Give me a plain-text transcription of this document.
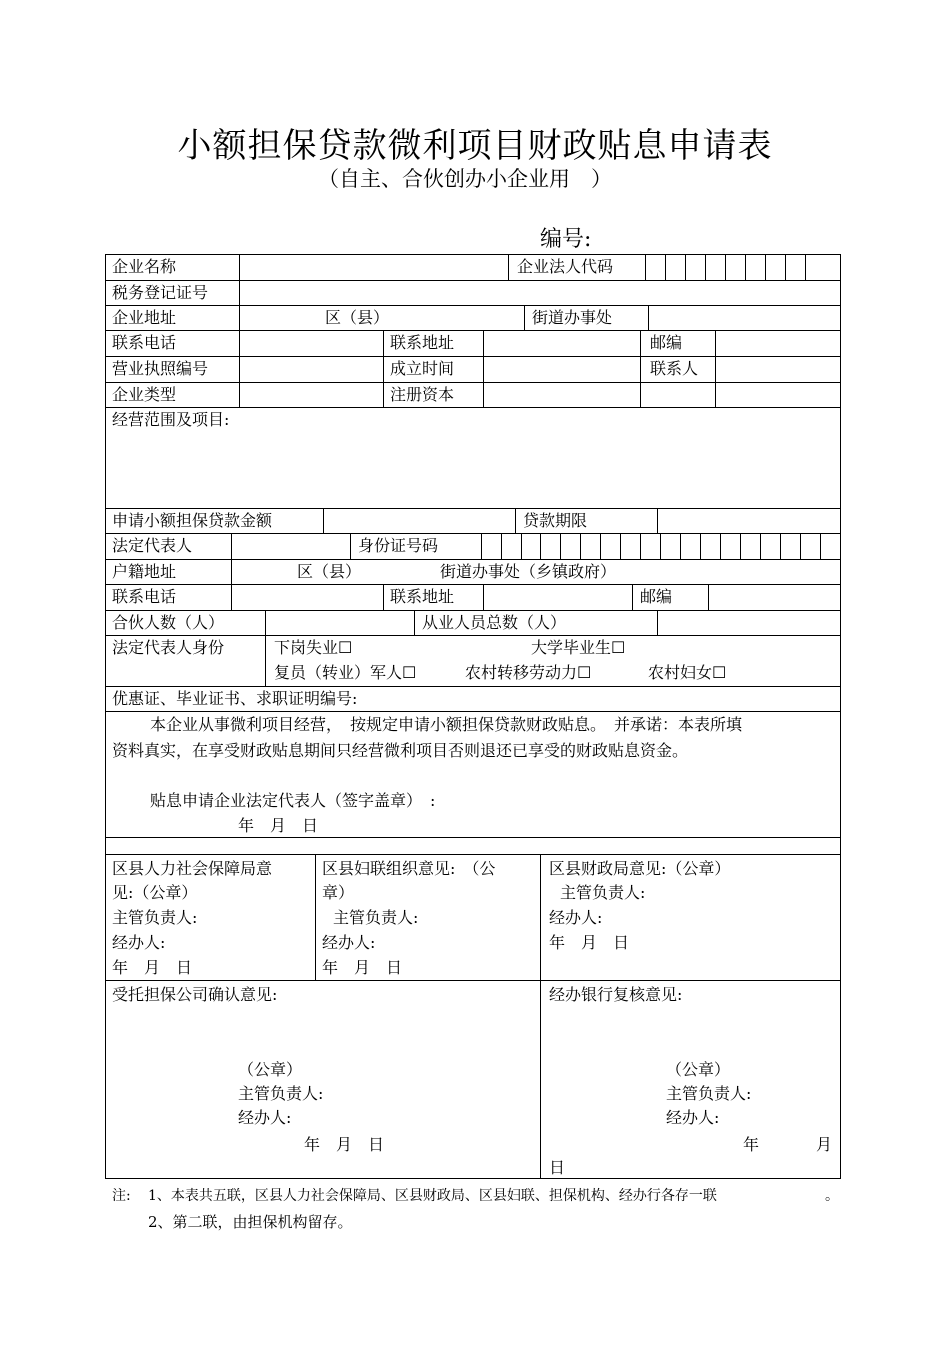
小额担保贷款微利项目财政贴息申请表
（自主、合伙创办小企业用　）
编号:
企业名称	企业法人代码
税务登记证号
企业地址	区（县）	街道办事处
联系电话	联系地址	邮编
营业执照编号	成立时间	联系人
企业类型	注册资本
经营范围及项目:
申请小额担保贷款金额	贷款期限
法定代表人	身份证号码
户籍地址	区（县）	街道办事处（乡镇政府）
联系电话	联系地址	邮编
合伙人数（人）	从业人员总数（人）
法定代表人身份	下岗失业☐	大学毕业生☐
复员（转业）军人☐	农村转移劳动力☐	农村妇女☐
优惠证、毕业证书、求职证明编号:
本企业从事微利项目经营，　按规定申请小额担保贷款财政贴息。　并承诺：本表所填
资料真实，在享受财政贴息期间只经营微利项目否则退还已享受的财政贴息资金。
贴息申请企业法定代表人（签字盖章）　:
年　月　日
区县人力社会保障局意
见:（公章）
主管负责人:
经办人:
年　月　日
区县妇联组织意见:　（公
章）
主管负责人:
经办人:
年　月　日
区县财政局意见:（公章）
主管负责人:
经办人:
年　月　日
受托担保公司确认意见:
（公章）
主管负责人:
经办人:
年　月　日
经办银行复核意见:
（公章）
主管负责人:
经办人:
年	月
日
注: 1、本表共五联，区县人力社会保障局、区县财政局、区县妇联、担保机构、经办行各存一联	。
2、第二联，由担保机构留存。
